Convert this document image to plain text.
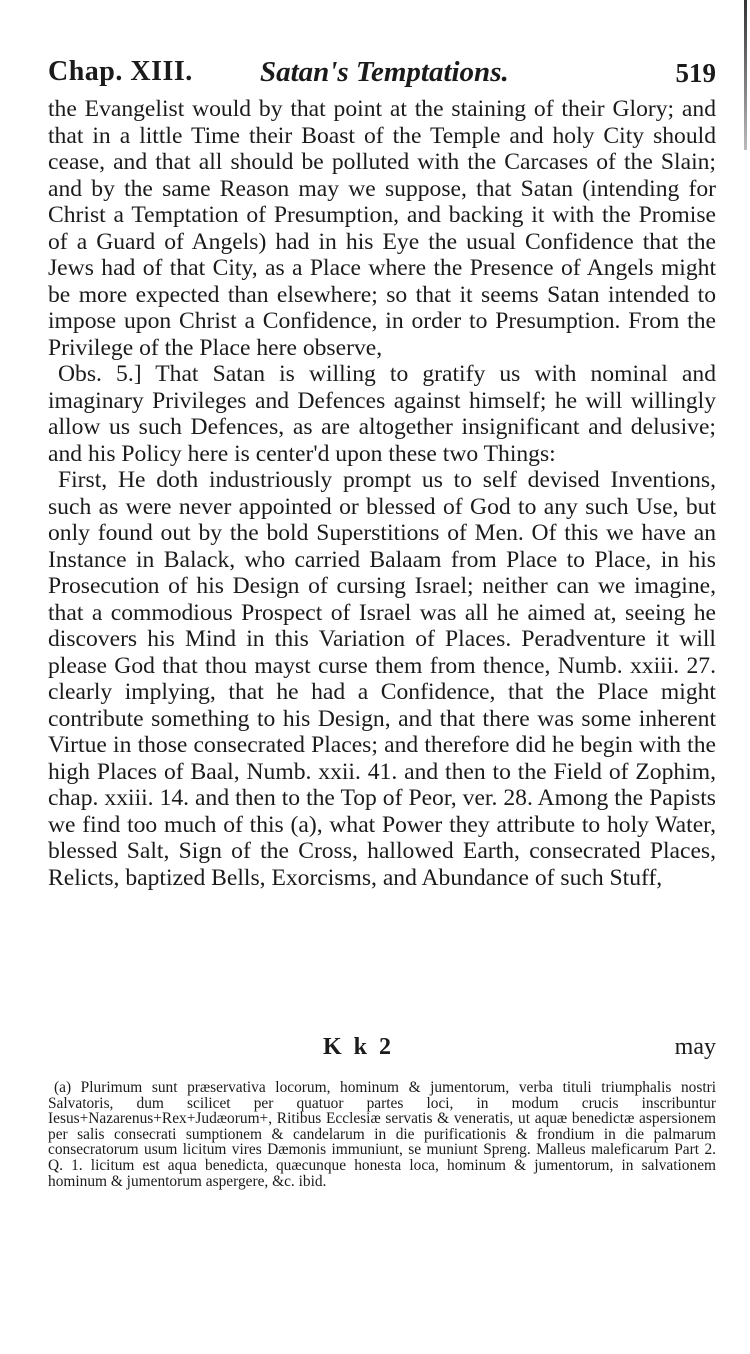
Chap. XIII. Satan's Temptations.	519

the Evangelist would by that point at the staining of their Glory; and that in a little Time their Boast of the Temple and holy City should cease, and that all should be polluted with the Carcases of the Slain; and by the same Reason may we suppose, that Satan (intending for Christ a Temptation of Presumption, and backing it with the Promise of a Guard of Angels) had in his Eye the usual Confidence that the Jews had of that City, as a Place where the Presence of Angels might be more expected than elsewhere; so that it seems Satan intended to impose upon Christ a Confidence, in order to Presumption. From the Privilege of the Place here observe,

Obs. 5.] That Satan is willing to gratify us with nominal and imaginary Privileges and Defences against himself; he will willingly allow us such Defences, as are altogether insignificant and delusive; and his Policy here is center'd upon these two Things:

First, He doth industriously prompt us to self devised Inventions, such as were never appointed or blessed of God to any such Use, but only found out by the bold Superstitions of Men. Of this we have an Instance in Balack, who carried Balaam from Place to Place, in his Prosecution of his Design of cursing Israel; neither can we imagine, that a commodious Prospect of Israel was all he aimed at, seeing he discovers his Mind in this Variation of Places. Peradventure it will please God that thou mayst curse them from thence, Numb. xxiii. 27. clearly implying, that he had a Confidence, that the Place might contribute something to his Design, and that there was some inherent Virtue in those consecrated Places; and therefore did he begin with the high Places of Baal, Numb. xxii. 41. and then to the Field of Zophim, chap. xxiii. 14. and then to the Top of Peor, ver. 28. Among the Papists we find too much of this (a), what Power they attribute to holy Water, blessed Salt, Sign of the Cross, hallowed Earth, consecrated Places, Relicts, baptized Bells, Exorcisms, and Abundance of such Stuff,

K k 2	may

(a) Plurimum sunt præservativa locorum, hominum & jumentorum, verba tituli triumphalis nostri Salvatoris, dum scilicet per quatuor partes loci, in modum crucis inscribuntur Iesus+Nazarenus+Rex+Judæorum+, Ritibus Ecclesiæ servatis & veneratis, ut aquæ benedictæ aspersionem per salis consecrati sumptionem & candelarum in die purificationis & frondium in die palmarum consecratorum usum licitum vires Dæmonis immuniunt, se muniunt Spreng. Malleus maleficarum Part 2. Q. 1. licitum est aqua benedicta, quæcunque honesta loca, hominum & jumentorum, in salvationem hominum & jumentorum aspergere, &c. ibid.
